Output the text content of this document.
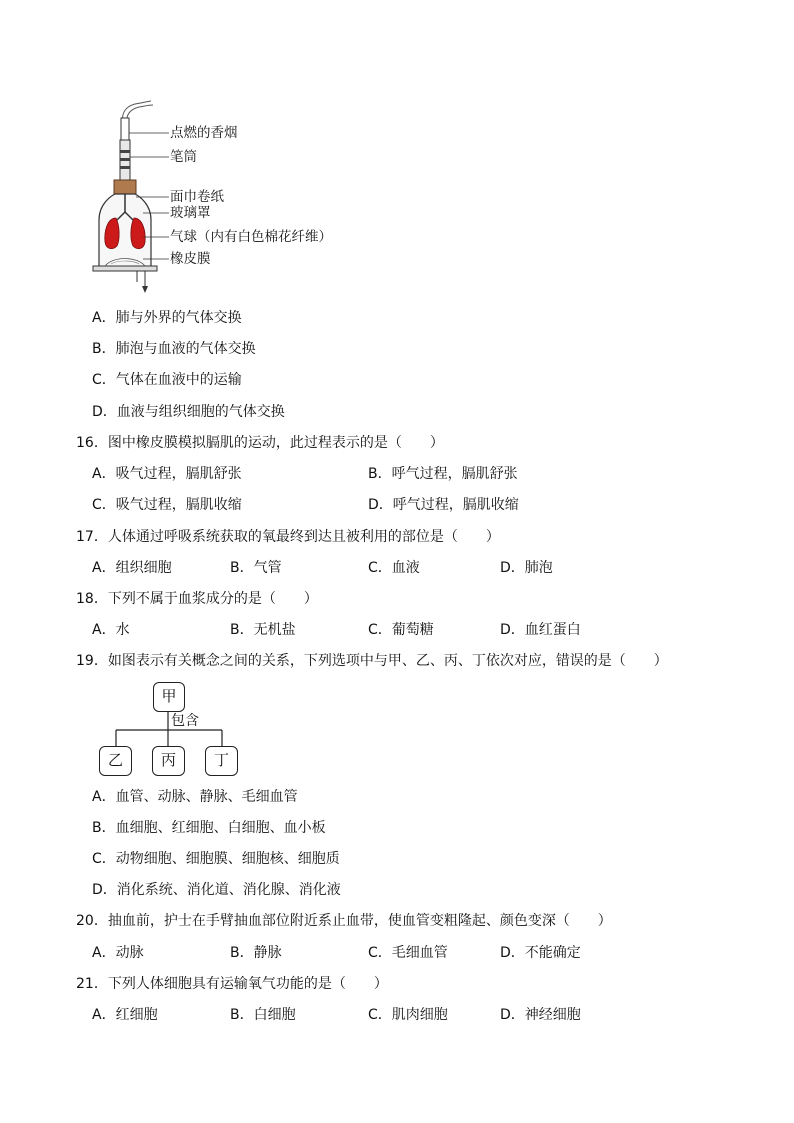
点燃的香烟
笔筒
面巾卷纸
玻璃罩
气球（内有白色棉花纤维）
橡皮膜
A．肺与外界的气体交换
B．肺泡与血液的气体交换
C．气体在血液中的运输
D．血液与组织细胞的气体交换
16．图中橡皮膜模拟膈肌的运动，此过程表示的是（　　）
A．吸气过程，膈肌舒张	B．呼气过程，膈肌舒张
C．吸气过程，膈肌收缩	D．呼气过程，膈肌收缩
17．人体通过呼吸系统获取的氧最终到达且被利用的部位是（　　）
A．组织细胞	B．气管	C．血液	D．肺泡
18．下列不属于血浆成分的是（　　）
A．水	B．无机盐	C．葡萄糖	D．血红蛋白
19．如图表示有关概念之间的关系，下列选项中与甲、乙、丙、丁依次对应，错误的是（　　）
甲
包含
乙	丙	丁
A．血管、动脉、静脉、毛细血管
B．血细胞、红细胞、白细胞、血小板
C．动物细胞、细胞膜、细胞核、细胞质
D．消化系统、消化道、消化腺、消化液
20．抽血前，护士在手臂抽血部位附近系止血带，使血管变粗隆起、颜色变深（　　）
A．动脉	B．静脉	C．毛细血管	D．不能确定
21．下列人体细胞具有运输氧气功能的是（　　）
A．红细胞	B．白细胞	C．肌肉细胞	D．神经细胞
